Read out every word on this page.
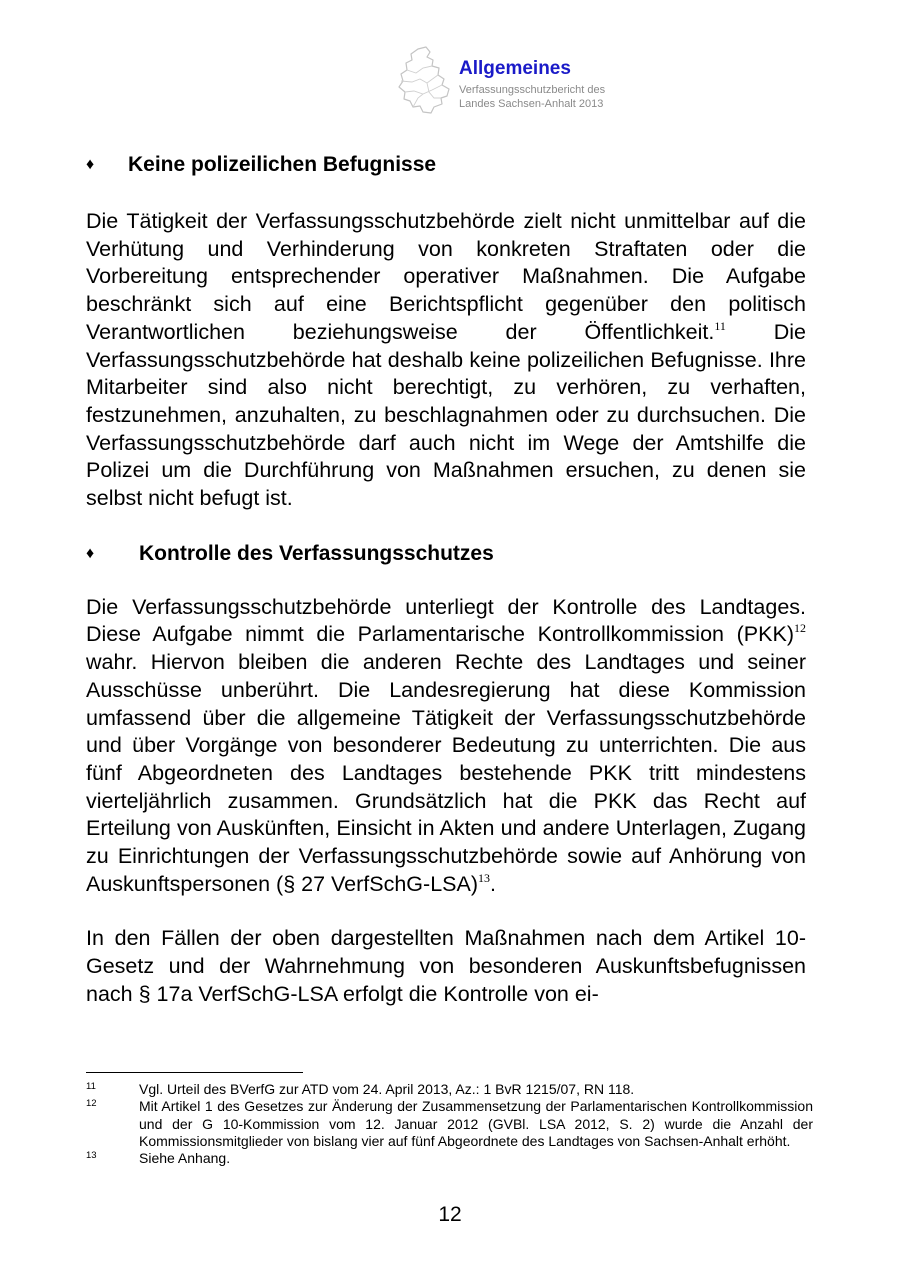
Allgemeines
Verfassungsschutzbericht des
Landes Sachsen-Anhalt 2013
♦	Keine polizeilichen Befugnisse

Die Tätigkeit der Verfassungsschutzbehörde zielt nicht unmittelbar auf die Verhütung und Verhinderung von konkreten Straftaten oder die Vorbereitung entsprechender operativer Maßnahmen. Die Aufgabe beschränkt sich auf eine Berichtspflicht gegenüber den politisch Verantwortlichen beziehungsweise der Öffentlichkeit.$^{11}$ Die Verfassungsschutzbehörde hat deshalb keine polizeilichen Befugnisse. Ihre Mitarbeiter sind also nicht berechtigt, zu verhören, zu verhaften, festzunehmen, anzuhalten, zu beschlagnahmen oder zu durchsuchen. Die Verfassungsschutzbehörde darf auch nicht im Wege der Amtshilfe die Polizei um die Durchführung von Maßnahmen ersuchen, zu denen sie selbst nicht befugt ist.

♦	Kontrolle des Verfassungsschutzes

Die Verfassungsschutzbehörde unterliegt der Kontrolle des Landtages. Diese Aufgabe nimmt die Parlamentarische Kontrollkommission (PKK)$^{12}$ wahr. Hiervon bleiben die anderen Rechte des Landtages und seiner Ausschüsse unberührt. Die Landesregierung hat diese Kommission umfassend über die allgemeine Tätigkeit der Verfassungsschutzbehörde und über Vorgänge von besonderer Bedeutung zu unterrichten. Die aus fünf Abgeordneten des Landtages bestehende PKK tritt mindestens vierteljährlich zusammen. Grundsätzlich hat die PKK das Recht auf Erteilung von Auskünften, Einsicht in Akten und andere Unterlagen, Zugang zu Einrichtungen der Verfassungsschutzbehörde sowie auf Anhörung von Auskunftspersonen (§ 27 VerfSchG-LSA)$^{13}$.

In den Fällen der oben dargestellten Maßnahmen nach dem Artikel 10-Gesetz und der Wahrnehmung von besonderen Auskunftsbefugnissen nach § 17a VerfSchG-LSA erfolgt die Kontrolle von ei-

11	Vgl. Urteil des BVerfG zur ATD vom 24. April 2013, Az.: 1 BvR 1215/07, RN 118.
12	Mit Artikel 1 des Gesetzes zur Änderung der Zusammensetzung der Parlamentarischen Kontrollkommission und der G 10-Kommission vom 12. Januar 2012 (GVBl. LSA 2012, S. 2) wurde die Anzahl der Kommissionsmitglieder von bislang vier auf fünf Abgeordnete des Landtages von Sachsen-Anhalt erhöht.
13	Siehe Anhang.
12
